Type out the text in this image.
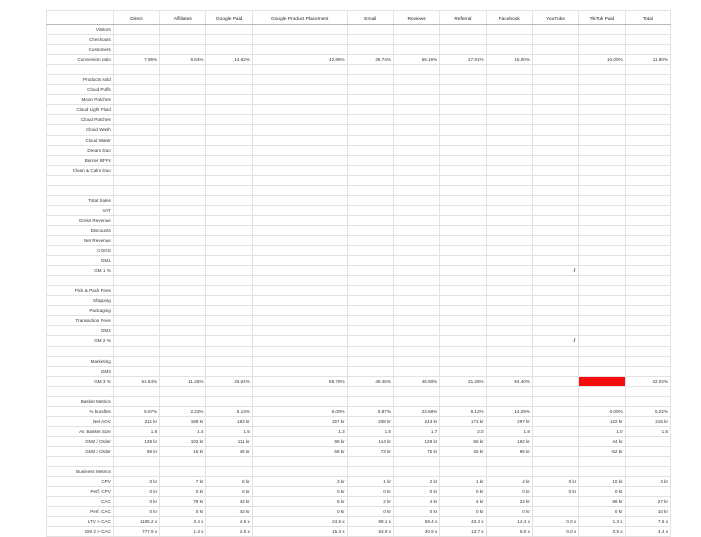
	Direct	Affiliates	Google Paid	Google Product Placement	Email	Reviews	Referral	Facebook	YouTube	TikTok Paid	Total
Visitors											
Checkouts											
Customers											
Conversion ratio	7.96%	8.64%	14.62%	42.86%	35.74%	56.16%	27.91%	16.00%		10.00%	11.80%

Products sold											
Cloud Puffs											
Moon Patches											
Cloud Light Fluid											
Cloud Patches											
Cloud Wash											
Cloud Water											
Dream Duo											
Barrier BFFs											
Clean & Calm Duo											

Total Sales											
VAT											
Gross Revenue											
Discounts											
Net Revenue											
COGS											
GM1											
GM 1 %											

Pick & Pack Fees											
Shipping											
Packaging											
Transaction Fees											
GM2											
GM 2 %											

Marketing											
GM3											
GM 3 %	61.84%	11.25%	33.64%	55.76%	49.45%	46.50%	21.28%	54.40%			42.02%

Basket Metrics											
% bundles	5.67%	2.23%	5.13%	6.00%	5.87%	23.68%	6.12%	14.29%		0.00%	5.22%
Net AOV	211 kr	189 kr	183 kr	157 kr	208 kr	243 kr	173 kr	297 kr		122 kr	215 kr
Av. Basket Size	1.8	1.4	1.5	1.3	1.5	1.7	2.0	1.8		1.0	1.5
GM2 / Order	139 kr	102 kr	111 kr	98 kr	114 kr	129 kr	55 kr	192 kr		44 kr	
GM3 / Order	88 kr	16 kr	46 kr	68 kr	73 kr	75 kr	25 kr	96 kr		-52 kr	

Business Metrics											
CPV	0 kr	7 kr	6 kr	3 kr	1 kr	2 kr	1 kr	4 kr	0 kr	10 kr	3 kr
Perf. CPV	0 kr	0 kr	6 kr	0 kr	0 kr	0 kr	0 kr	0 kr	0 kr	0 kr	
CAC	0 kr	79 kr	42 kr	6 kr	2 kr	4 kr	4 kr	24 kr		96 kr	27 kr
Perf. CAC	0 kr	0 kr	43 kr	0 kr	0 kr	0 kr	0 kr	0 kr		0 kr	10 kr
LTV > CAC	1185.2 x	2.4 x	4.5 x	24.6 x	99.1 x	58.4 x	43.4 x	12.4 x	0.0 x	1.3 x	7.6 x
GM 2 > CAC	777.9 x	1.3 x	2.6 x	15.3 x	53.9 x	30.9 x	13.7 x	8.0 x	0.0 x	0.5 x	4.4 x
